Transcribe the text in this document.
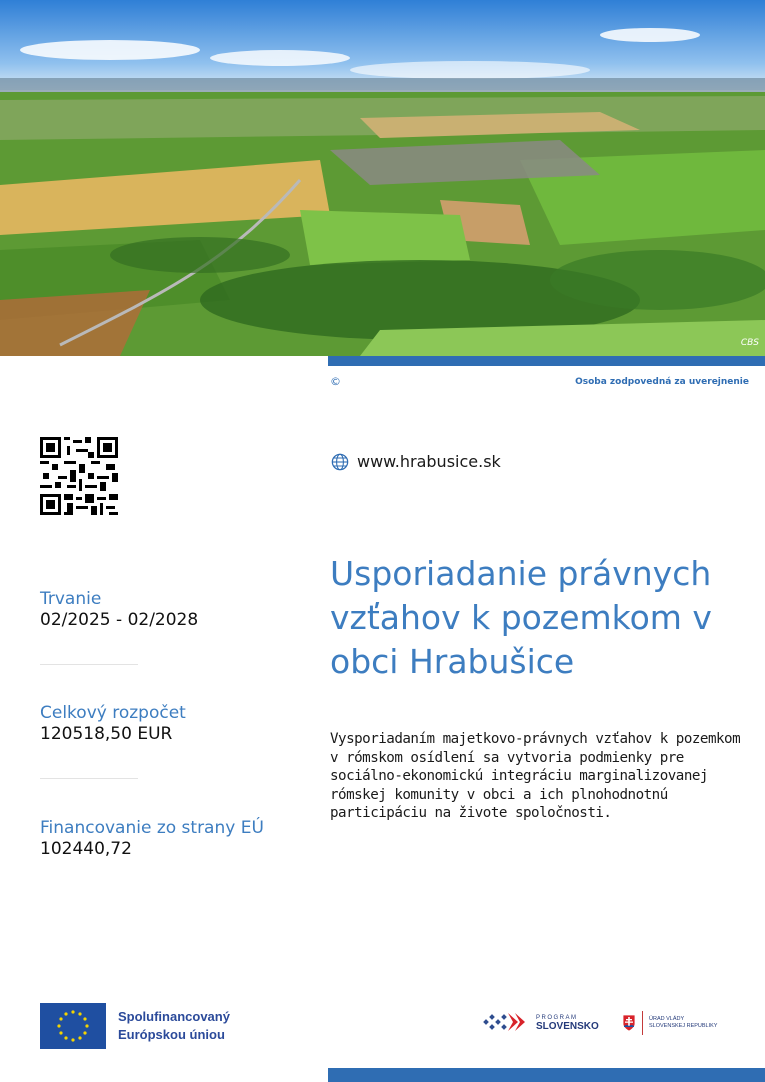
CBS
©	Osoba zodpovedná za uverejnenie
www.hrabusice.sk
Trvanie
02/2025 - 02/2028
Celkový rozpočet
120518,50 EUR
Financovanie zo strany EÚ
102440,72
Usporiadanie právnych vzťahov k pozemkom v obci Hrabušice
Vysporiadaním majetkovo-právnych vzťahov k pozemkom v rómskom osídlení sa vytvoria podmienky pre sociálno-ekonomickú integráciu marginalizovanej rómskej komunity v obci a ich plnohodnotnú participáciu na živote spoločnosti.
Spolufinancovaný
Európskou úniou
PROGRAM
SLOVENSKO
ÚRAD VLÁDY
SLOVENSKEJ REPUBLIKY
